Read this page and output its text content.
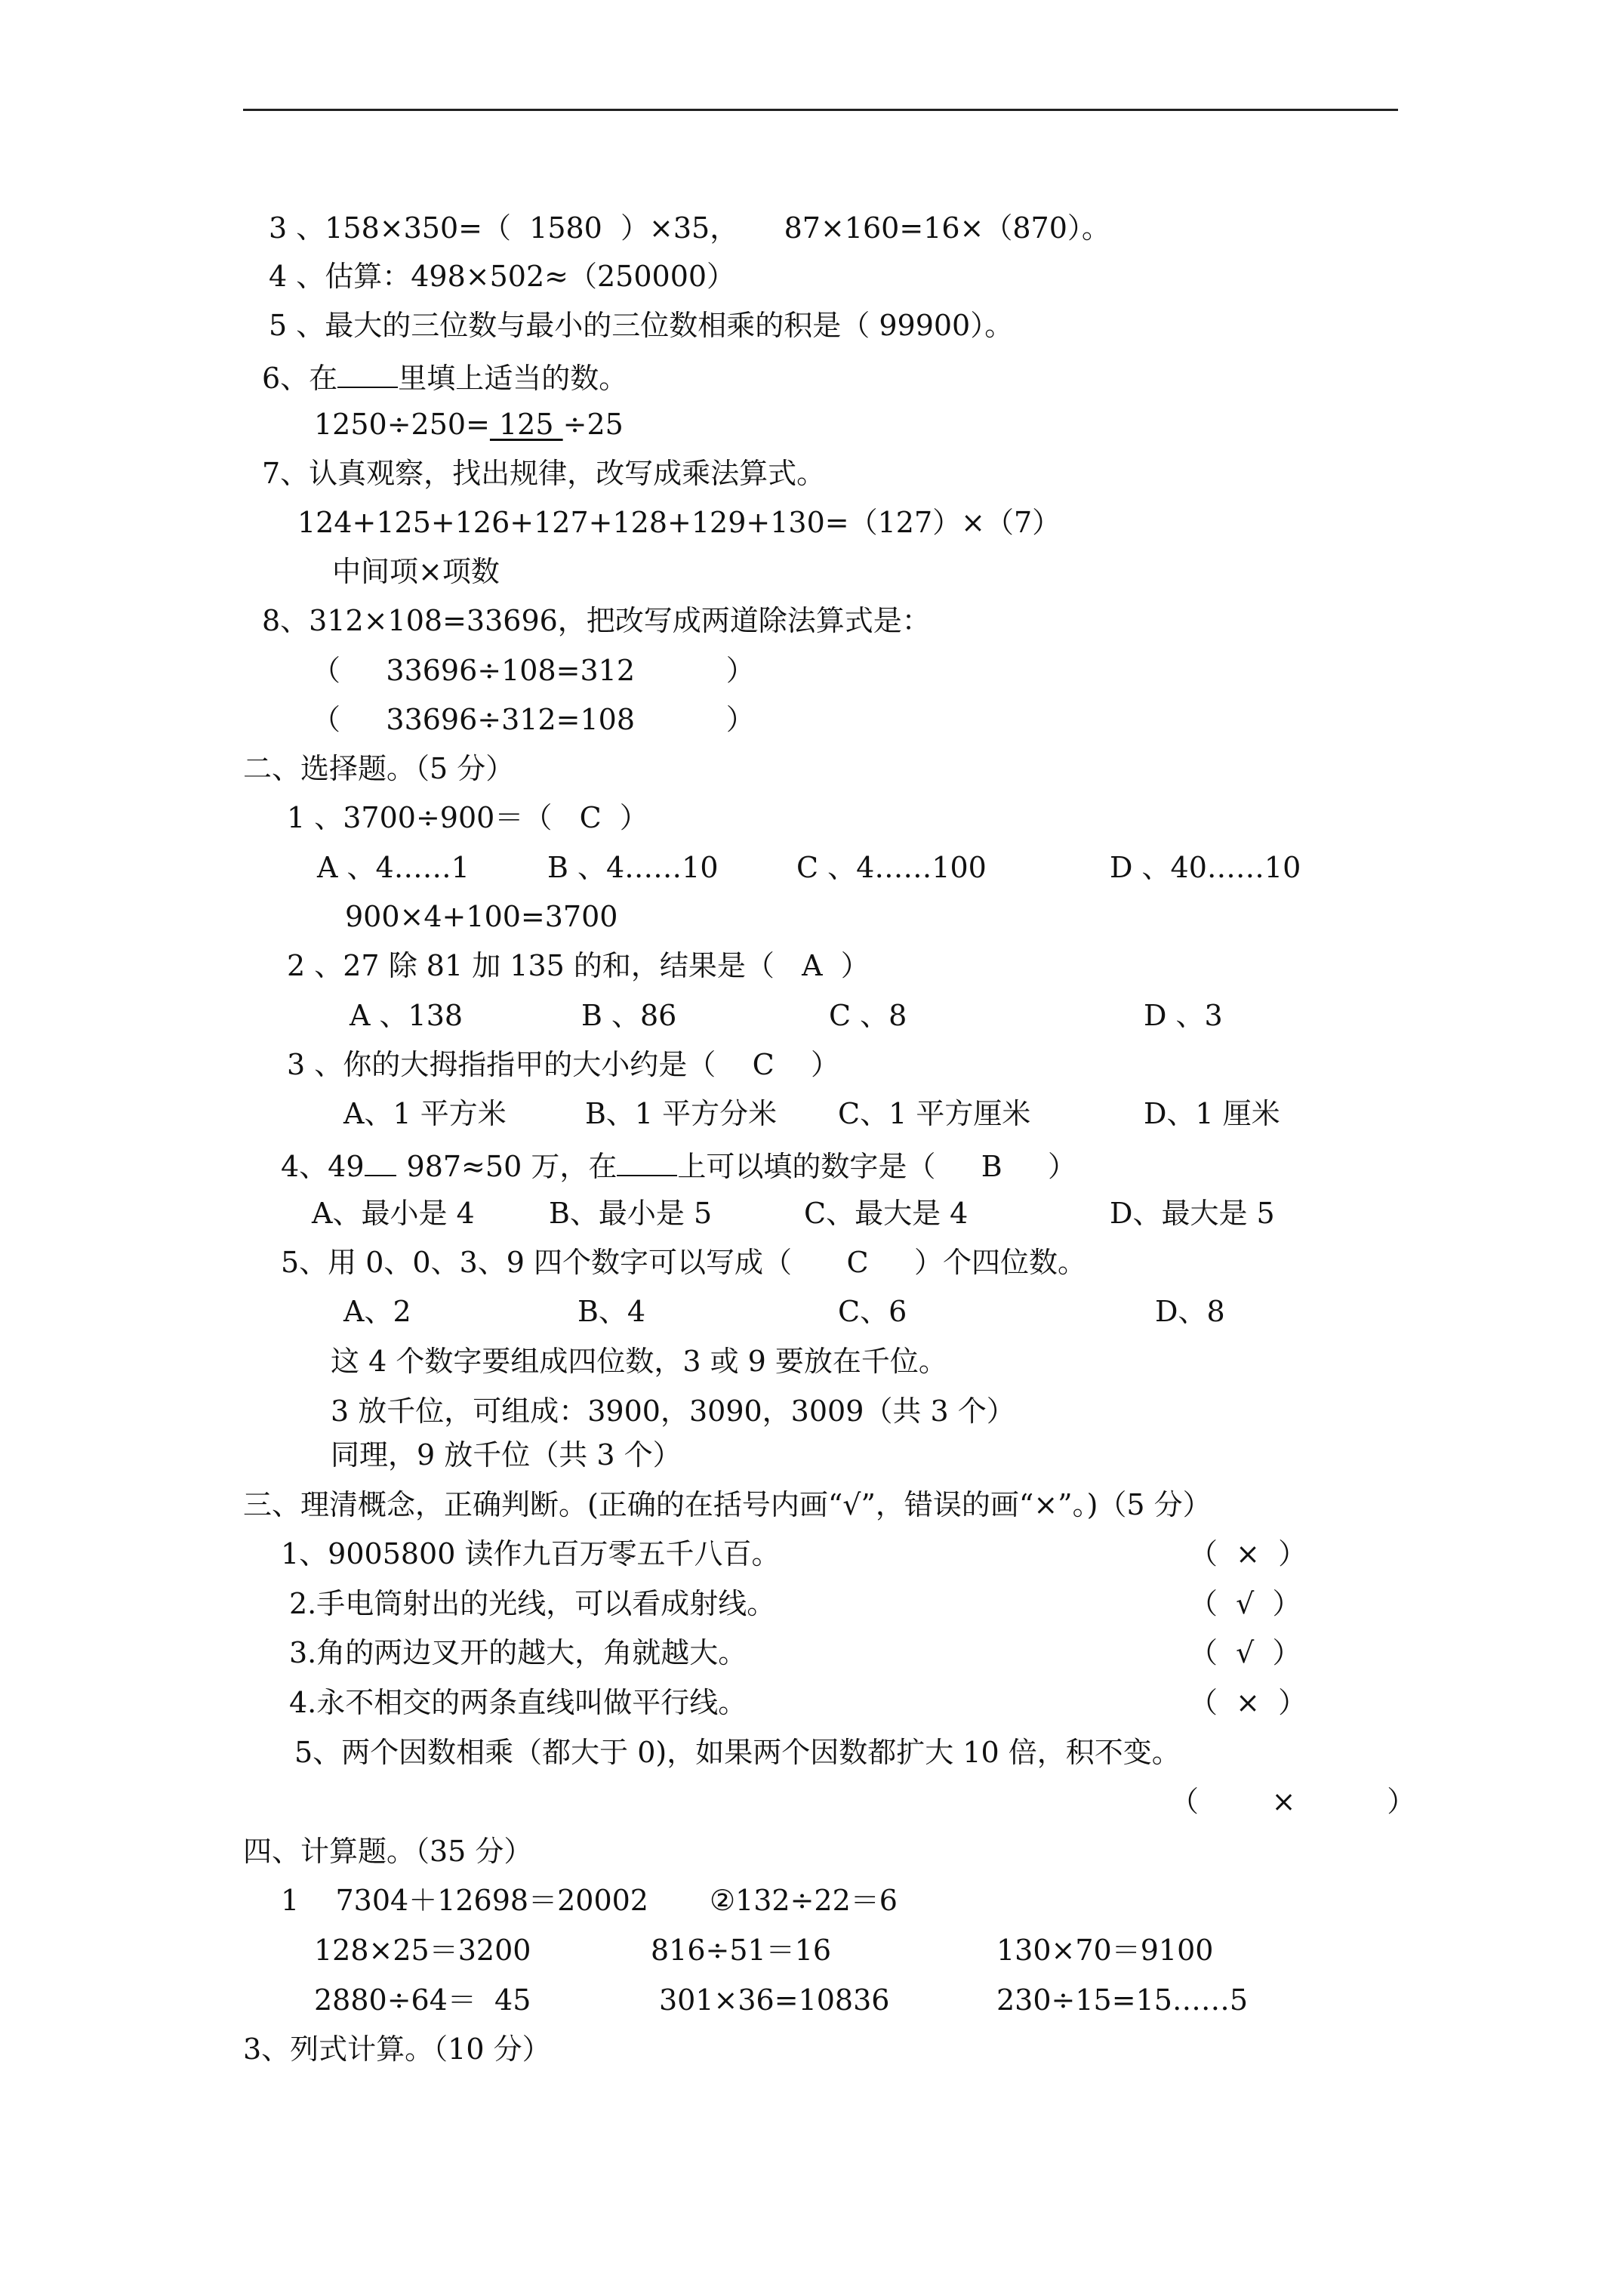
3 、158×350=（  1580  ）×35，     87×160=16×（870）。
4 、估算：498×502≈（250000）
5 、最大的三位数与最小的三位数相乘的积是（ 99900）。
6、在 里填上适当的数。
1250÷250= 125 ÷25
7、认真观察，找出规律，改写成乘法算式。
124+125+126+127+128+129+130=（127）×（7）
中间项×项数
8、312×108=33696，把改写成两道除法算式是：
（     33696÷108=312          ）
（     33696÷312=108          ）
二、选择题。（5 分）
1 、3700÷900＝（   C  ）
A 、4……1	B 、4……10	C 、4……100	D 、40……10
900×4+100=3700
2 、27 除 81 加 135 的和，结果是（   A  ）
A 、138	B 、86	C 、8	D 、3
3 、你的大拇指指甲的大小约是（    C    ）
A、1 平方米	B、1 平方分米 C、1 平方厘米	D、1 厘米
4、49 987≈50 万，在 上可以填的数字是（     B     ）
A、最小是 4	B、最小是 5	C、最大是 4	D、最大是 5
5、用 0、0、3、9 四个数字可以写成（      C     ）个四位数。
A、2	B、4	C、6	D、8
这 4 个数字要组成四位数，3 或 9 要放在千位。
3 放千位，可组成：3900，3090，3009（共 3 个）
同理，9 放千位（共 3 个）
三、理清概念，正确判断。(正确的在括号内画“√”，错误的画“×”。)（5 分）
1、9005800 读作九百万零五千八百。	（  ×  ）
2.手电筒射出的光线，可以看成射线。	（  √  ）
3.角的两边叉开的越大，角就越大。	（  √  ）
4.永不相交的两条直线叫做平行线。	（  ×  ）
5、两个因数相乘（都大于 0)，如果两个因数都扩大 10 倍，积不变。
（        ×          ）
四、计算题。（35 分）
1    7304＋12698＝20002 ②132÷22＝6
128×25＝3200	816÷51＝16	130×70＝9100
2880÷64＝  45	301×36=10836	230÷15=15……5
3、列式计算。（10 分）
